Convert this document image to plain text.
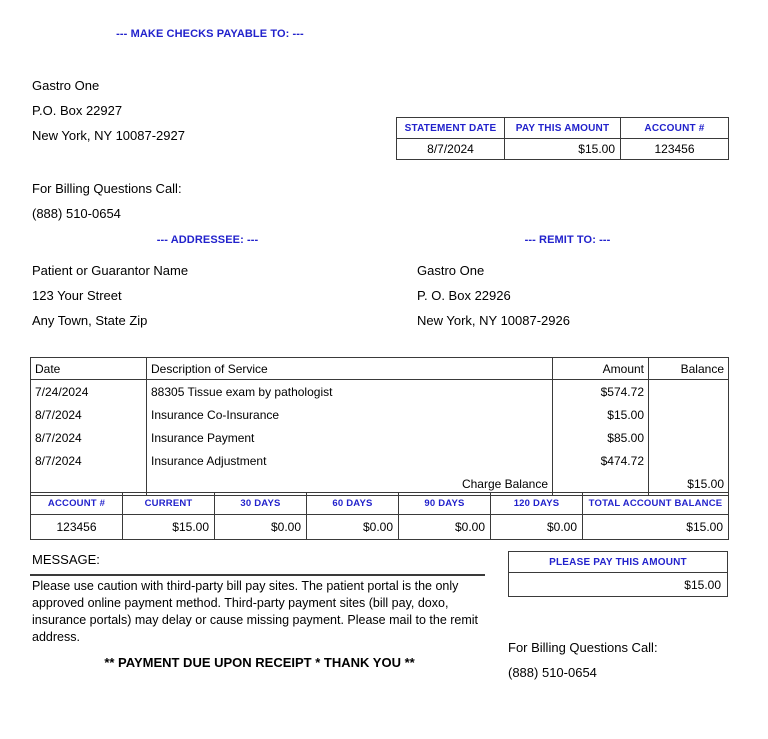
--- MAKE CHECKS PAYABLE TO: ---
Gastro One
P.O. Box 22927
New York, NY 10087-2927	STATEMENT DATE	PAY THIS AMOUNT	ACCOUNT #
8/7/2024	$15.00	123456
For Billing Questions Call:
(888) 510-0654
--- ADDRESSEE: ---	--- REMIT TO: ---
Patient or Guarantor Name
123 Your Street
Any Town, State Zip
Gastro One
P. O. Box 22926
New York, NY 10087-2926
Date	Description of Service	Amount	Balance
7/24/2024	88305 Tissue exam by pathologist	$574.72	
8/7/2024	Insurance Co-Insurance	$15.00	
8/7/2024	Insurance Payment	$85.00	
8/7/2024	Insurance Adjustment	$474.72	
	Charge Balance		$15.00
ACCOUNT #	CURRENT	30 DAYS	60 DAYS	90 DAYS	120 DAYS	TOTAL ACCOUNT BALANCE
123456	$15.00	$0.00	$0.00	$0.00	$0.00	$15.00
MESSAGE:
Please use caution with third-party bill pay sites. The patient portal is the only approved online payment method. Third-party payment sites (bill pay, doxo, insurance portals) may delay or cause missing payment. Please mail to the remit address.
** PAYMENT DUE UPON RECEIPT * THANK YOU **
PLEASE PAY THIS AMOUNT
$15.00
For Billing Questions Call:
(888) 510-0654
